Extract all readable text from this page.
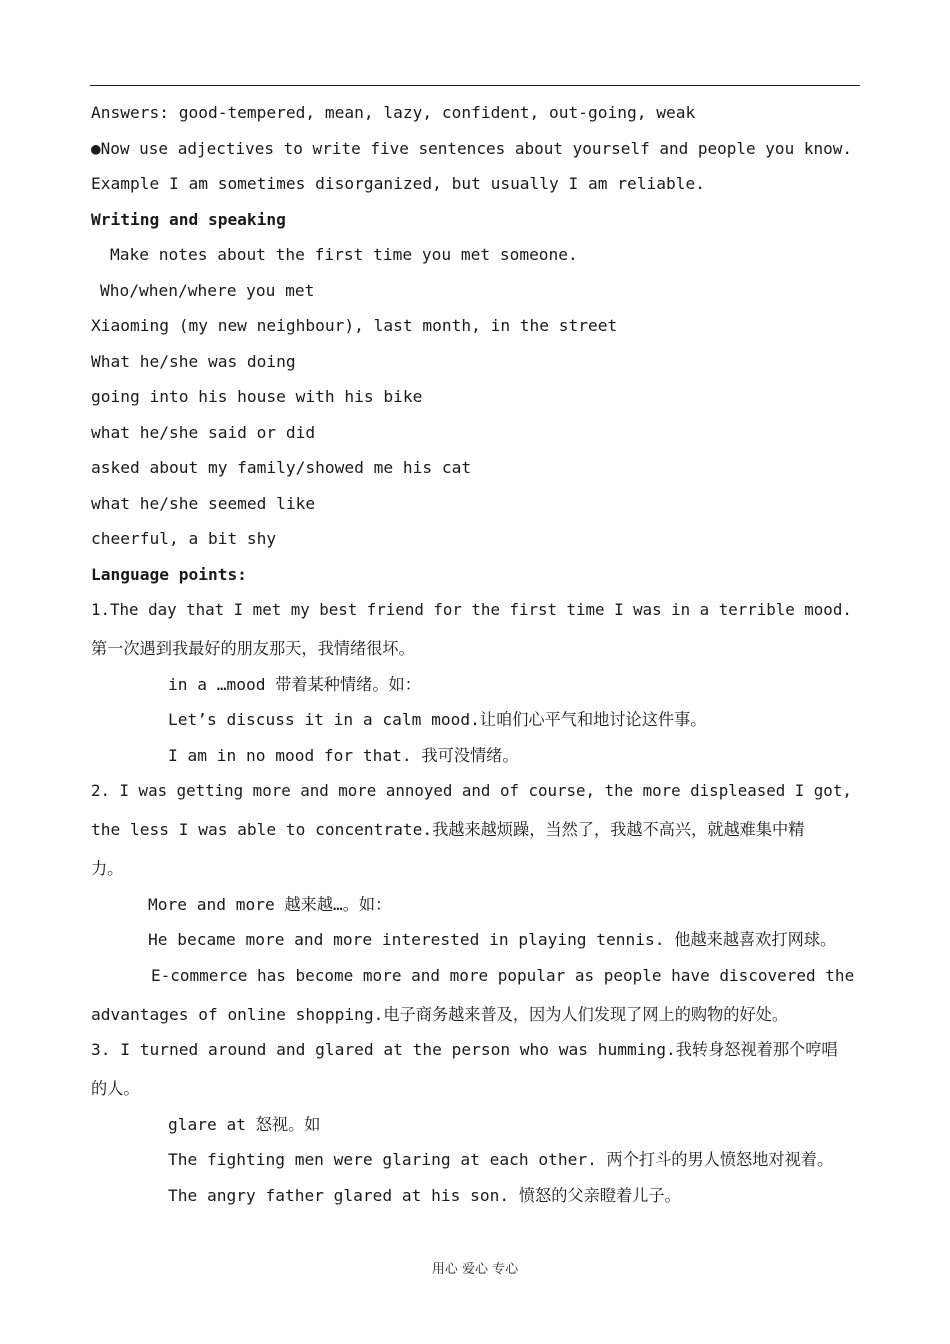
Answers: good-tempered, mean, lazy, confident, out-going, weak
●Now use adjectives to write five sentences about yourself and people you know.
Example I am sometimes disorganized, but usually I am reliable.
Writing and speaking
Make notes about the first time you met someone.
Who/when/where you met
Xiaoming (my new neighbour), last month, in the street
What he/she was doing
going into his house with his bike
what he/she said or did
asked about my family/showed me his cat
what he/she seemed like
cheerful, a bit shy
Language points:
1.The day that I met my best friend for the first time I was in a terrible mood.
第一次遇到我最好的朋友那天，我情绪很坏。
in a …mood 带着某种情绪。如：
Let’s discuss it in a calm mood.让咱们心平气和地讨论这件事。
I am in no mood for that. 我可没情绪。
2. I was getting more and more annoyed and of course, the more displeased I got,
the less I was able to concentrate.我越来越烦躁，当然了，我越不高兴，就越难集中精
力。
More and more 越来越…。如：
He became more and more interested in playing tennis. 他越来越喜欢打网球。
E-commerce has become more and more popular as people have discovered the
advantages of online shopping.电子商务越来普及，因为人们发现了网上的购物的好处。
3. I turned around and glared at the person who was humming.我转身怒视着那个哼唱
的人。
glare at 怒视。如
The fighting men were glaring at each other. 两个打斗的男人愤怒地对视着。
The angry father glared at his son. 愤怒的父亲瞪着儿子。
用心 爱心 专心
